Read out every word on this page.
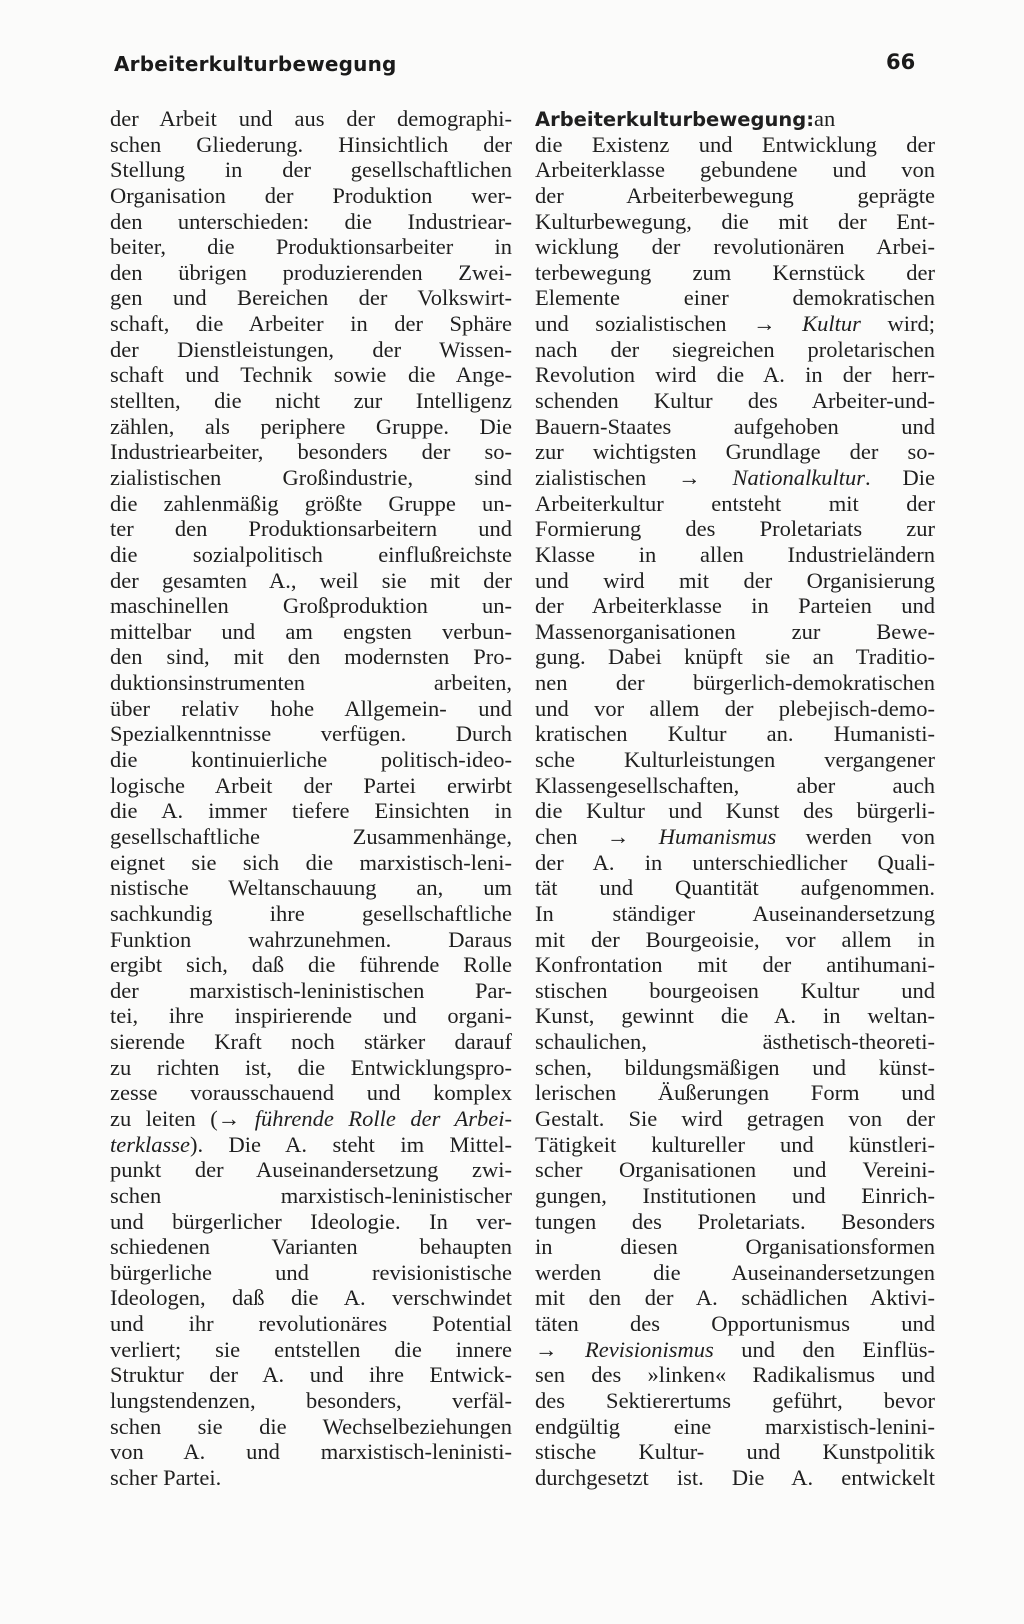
Arbeiterkulturbewegung	66
der Arbeit und aus der demographi-
schen Gliederung. Hinsichtlich der
Stellung in der gesellschaftlichen
Organisation der Produktion wer-
den unterschieden: die Industriear-
beiter, die Produktionsarbeiter in
den übrigen produzierenden Zwei-
gen und Bereichen der Volkswirt-
schaft, die Arbeiter in der Sphäre
der Dienstleistungen, der Wissen-
schaft und Technik sowie die Ange-
stellten, die nicht zur Intelligenz
zählen, als periphere Gruppe. Die
Industriearbeiter, besonders der so-
zialistischen Großindustrie, sind
die zahlenmäßig größte Gruppe un-
ter den Produktionsarbeitern und
die sozialpolitisch einflußreichste
der gesamten A., weil sie mit der
maschinellen Großproduktion un-
mittelbar und am engsten verbun-
den sind, mit den modernsten Pro-
duktionsinstrumenten arbeiten,
über relativ hohe Allgemein- und
Spezialkenntnisse verfügen. Durch
die kontinuierliche politisch-ideo-
logische Arbeit der Partei erwirbt
die A. immer tiefere Einsichten in
gesellschaftliche Zusammenhänge,
eignet sie sich die marxistisch-leni-
nistische Weltanschauung an, um
sachkundig ihre gesellschaftliche
Funktion wahrzunehmen. Daraus
ergibt sich, daß die führende Rolle
der marxistisch-leninistischen Par-
tei, ihre inspirierende und organi-
sierende Kraft noch stärker darauf
zu richten ist, die Entwicklungspro-
zesse vorausschauend und komplex
zu leiten (→ führende Rolle der Arbei-
terklasse). Die A. steht im Mittel-
punkt der Auseinandersetzung zwi-
schen marxistisch-leninistischer
und bürgerlicher Ideologie. In ver-
schiedenen Varianten behaupten
bürgerliche und revisionistische
Ideologen, daß die A. verschwindet
und ihr revolutionäres Potential
verliert; sie entstellen die innere
Struktur der A. und ihre Entwick-
lungstendenzen, besonders, verfäl-
schen sie die Wechselbeziehungen
von A. und marxistisch-leninisti-
scher Partei.
Arbeiterkulturbewegung:an
die Existenz und Entwicklung der
Arbeiterklasse gebundene und von
der Arbeiterbewegung geprägte
Kulturbewegung, die mit der Ent-
wicklung der revolutionären Arbei-
terbewegung zum Kernstück der
Elemente einer demokratischen
und sozialistischen → Kultur wird;
nach der siegreichen proletarischen
Revolution wird die A. in der herr-
schenden Kultur des Arbeiter-und-
Bauern-Staates aufgehoben und
zur wichtigsten Grundlage der so-
zialistischen → Nationalkultur. Die
Arbeiterkultur entsteht mit der
Formierung des Proletariats zur
Klasse in allen Industrieländern
und wird mit der Organisierung
der Arbeiterklasse in Parteien und
Massenorganisationen zur Bewe-
gung. Dabei knüpft sie an Traditio-
nen der bürgerlich-demokratischen
und vor allem der plebejisch-demo-
kratischen Kultur an. Humanisti-
sche Kulturleistungen vergangener
Klassengesellschaften, aber auch
die Kultur und Kunst des bürgerli-
chen → Humanismus werden von
der A. in unterschiedlicher Quali-
tät und Quantität aufgenommen.
In ständiger Auseinandersetzung
mit der Bourgeoisie, vor allem in
Konfrontation mit der antihumani-
stischen bourgeoisen Kultur und
Kunst, gewinnt die A. in weltan-
schaulichen, ästhetisch-theoreti-
schen, bildungsmäßigen und künst-
lerischen Äußerungen Form und
Gestalt. Sie wird getragen von der
Tätigkeit kultureller und künstleri-
scher Organisationen und Vereini-
gungen, Institutionen und Einrich-
tungen des Proletariats. Besonders
in diesen Organisationsformen
werden die Auseinandersetzungen
mit den der A. schädlichen Aktivi-
täten des Opportunismus und
→ Revisionismus und den Einflüs-
sen des »linken« Radikalismus und
des Sektierertums geführt, bevor
endgültig eine marxistisch-lenini-
stische Kultur- und Kunstpolitik
durchgesetzt ist. Die A. entwickelt
